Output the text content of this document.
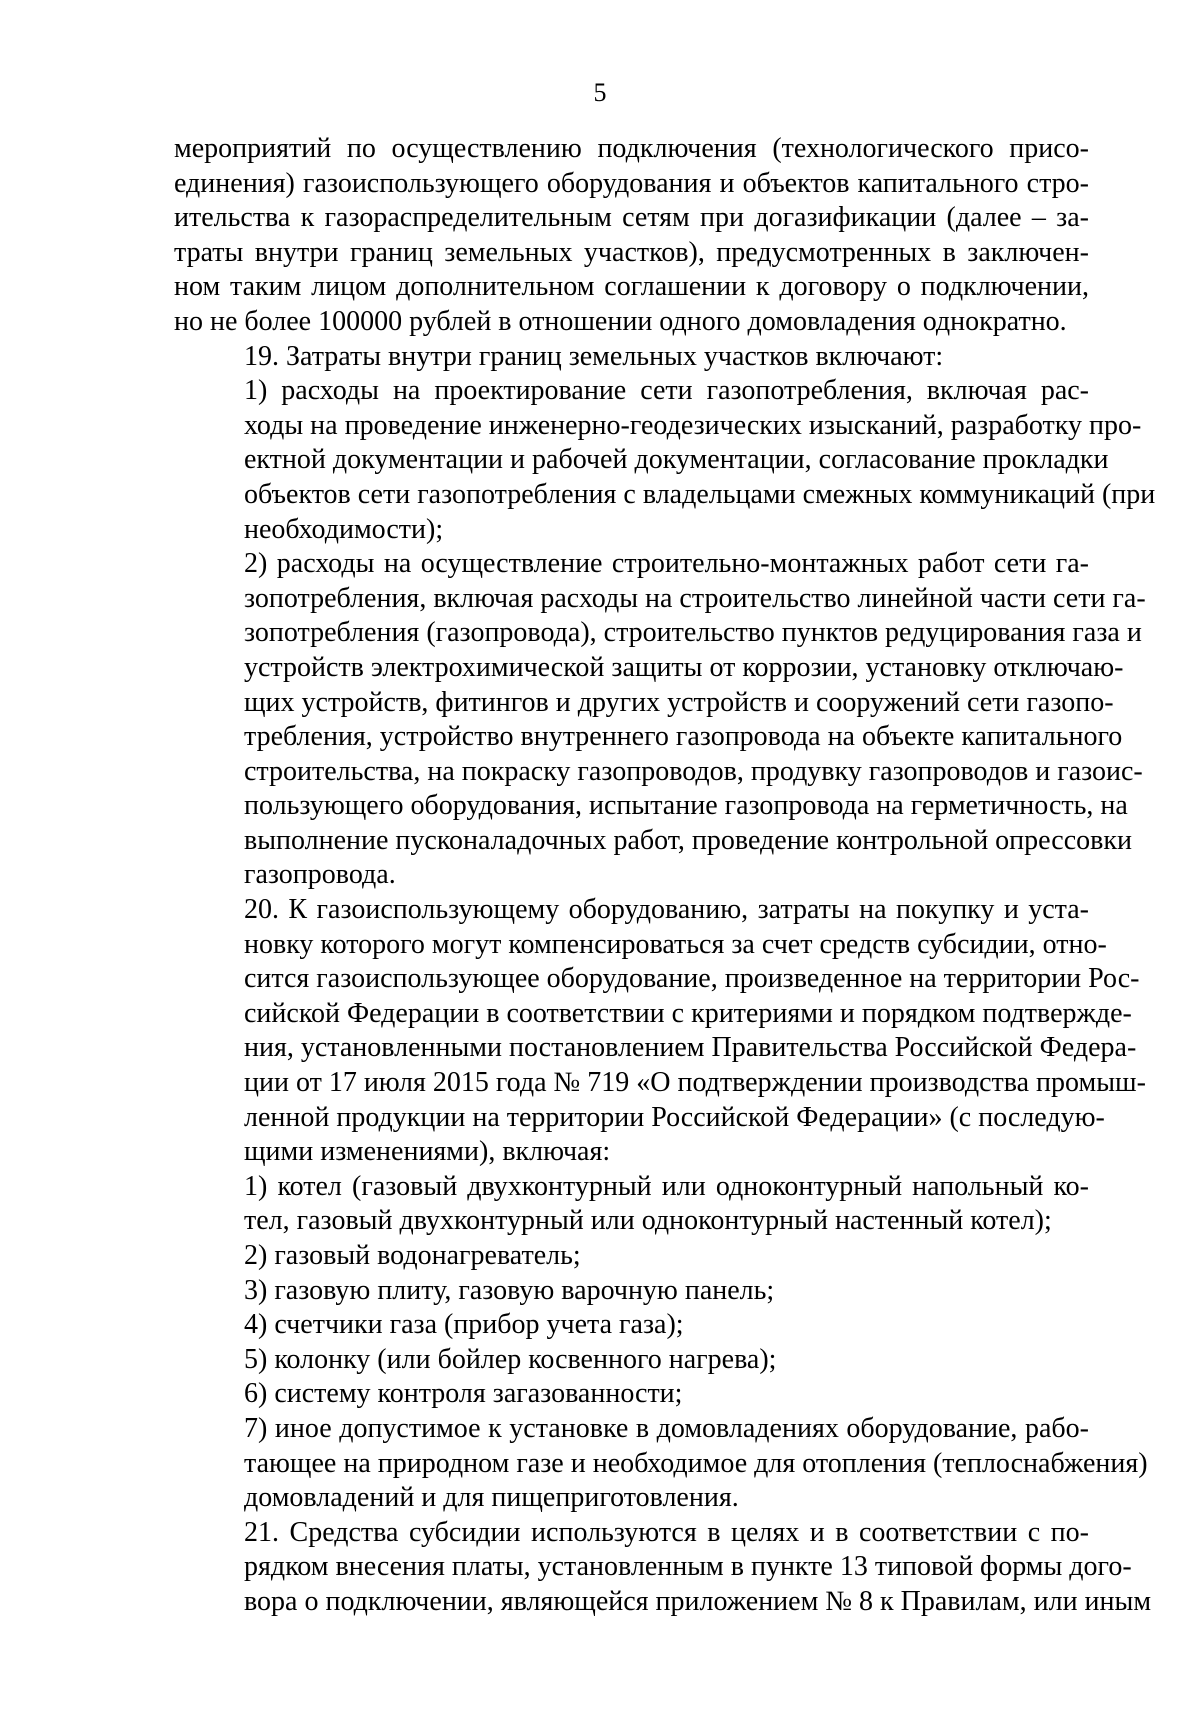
5

мероприятий по осуществлению подключения (технологического присо-
единения) газоиспользующего оборудования и объектов капитального стро-
ительства к газораспределительным сетям при догазификации (далее – за-
траты внутри границ земельных участков), предусмотренных в заключен-
ном таким лицом дополнительном соглашении к договору о подключении,
но не более 100000 рублей в отношении одного домовладения однократно.

19. Затраты внутри границ земельных участков включают:

1) расходы на проектирование сети газопотребления, включая рас-
ходы на проведение инженерно-геодезических изысканий, разработку про-
ектной документации и рабочей документации, согласование прокладки
объектов сети газопотребления с владельцами смежных коммуникаций (при
необходимости);

2) расходы на осуществление строительно-монтажных работ сети га-
зопотребления, включая расходы на строительство линейной части сети га-
зопотребления (газопровода), строительство пунктов редуцирования газа и
устройств электрохимической защиты от коррозии, установку отключаю-
щих устройств, фитингов и других устройств и сооружений сети газопо-
требления, устройство внутреннего газопровода на объекте капитального
строительства, на покраску газопроводов, продувку газопроводов и газоис-
пользующего оборудования, испытание газопровода на герметичность, на
выполнение пусконаладочных работ, проведение контрольной опрессовки
газопровода.

20. К газоиспользующему оборудованию, затраты на покупку и уста-
новку которого могут компенсироваться за счет средств субсидии, отно-
сится газоиспользующее оборудование, произведенное на территории Рос-
сийской Федерации в соответствии с критериями и порядком подтвержде-
ния, установленными постановлением Правительства Российской Федера-
ции от 17 июля 2015 года № 719 «О подтверждении производства промыш-
ленной продукции на территории Российской Федерации» (с последую-
щими изменениями), включая:

1) котел (газовый двухконтурный или одноконтурный напольный ко-
тел, газовый двухконтурный или одноконтурный настенный котел);

2) газовый водонагреватель;

3) газовую плиту, газовую варочную панель;

4) счетчики газа (прибор учета газа);

5) колонку (или бойлер косвенного нагрева);

6) систему контроля загазованности;

7) иное допустимое к установке в домовладениях оборудование, рабо-
тающее на природном газе и необходимое для отопления (теплоснабжения)
домовладений и для пищеприготовления.

21. Средства субсидии используются в целях и в соответствии с по-
рядком внесения платы, установленным в пункте 13 типовой формы дого-
вора о подключении, являющейся приложением № 8 к Правилам, или иным
